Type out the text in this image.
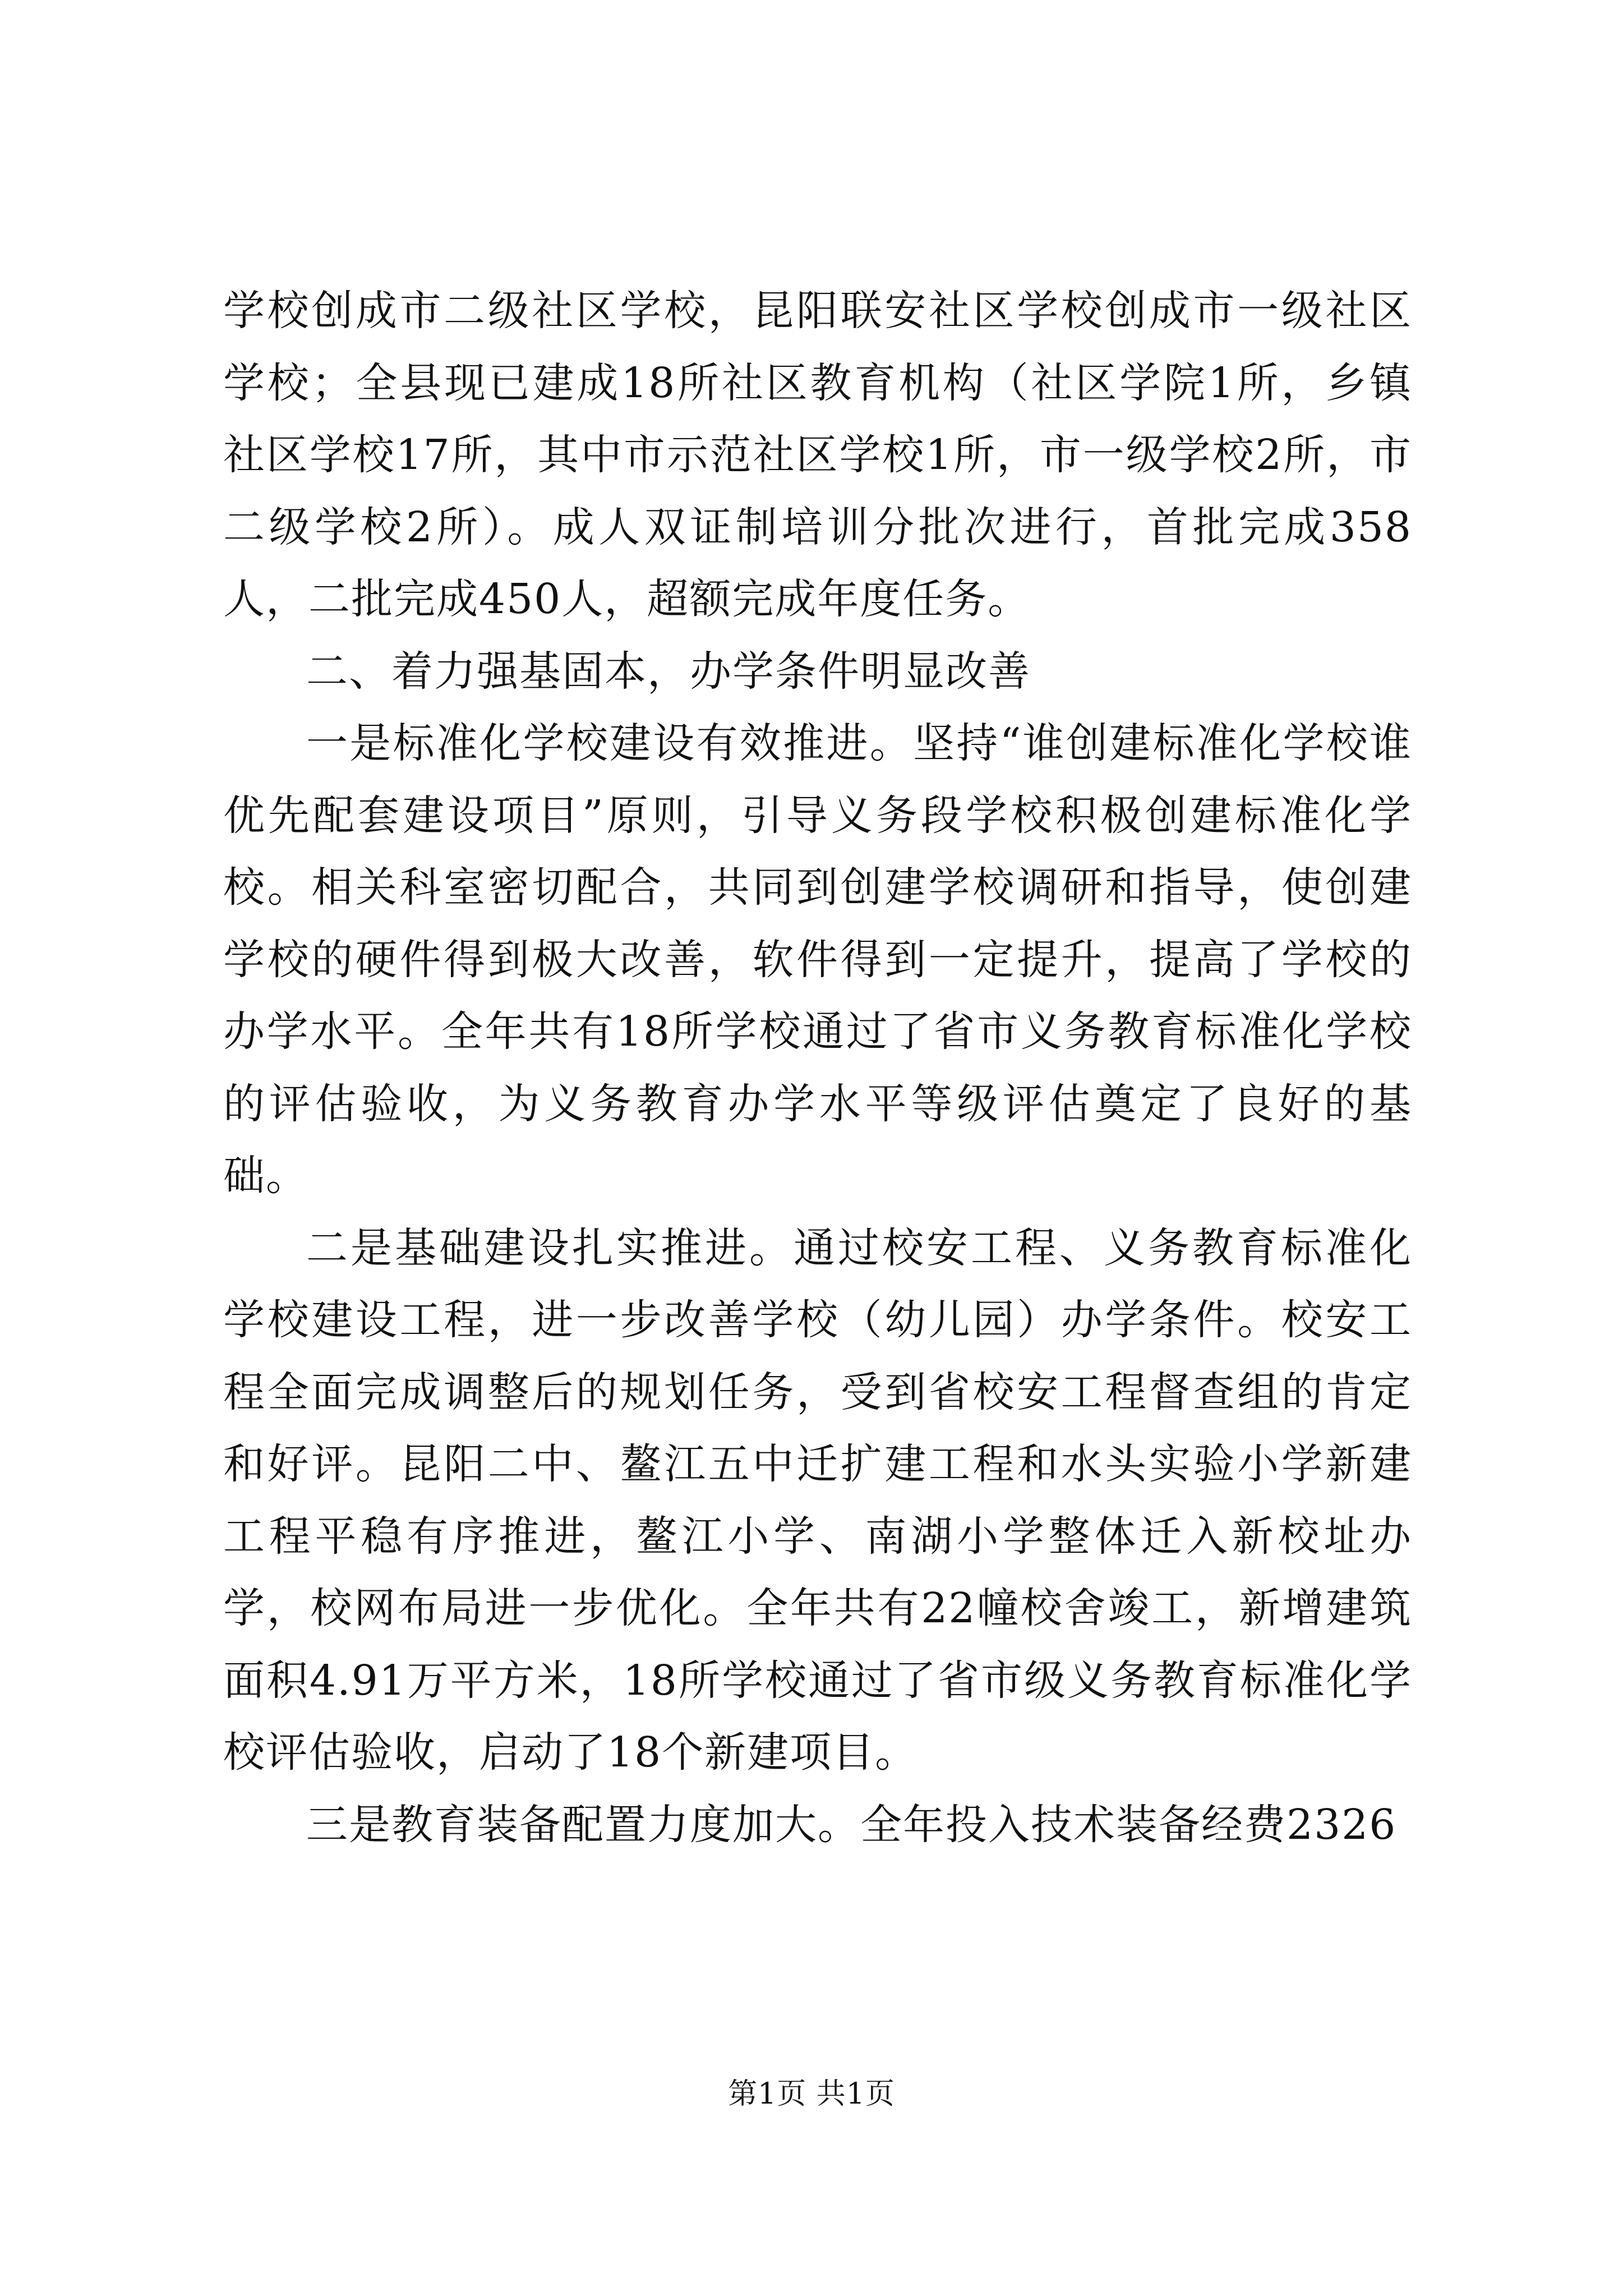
学校创成市二级社区学校，昆阳联安社区学校创成市一级社区学校；全县现已建成18所社区教育机构（社区学院1所，乡镇社区学校17所，其中市示范社区学校1所，市一级学校2所，市二级学校2所）。成人双证制培训分批次进行，首批完成358人，二批完成450人，超额完成年度任务。

二、着力强基固本，办学条件明显改善

一是标准化学校建设有效推进。坚持“谁创建标准化学校谁优先配套建设项目”原则，引导义务段学校积极创建标准化学校。相关科室密切配合，共同到创建学校调研和指导，使创建学校的硬件得到极大改善，软件得到一定提升，提高了学校的办学水平。全年共有18所学校通过了省市义务教育标准化学校的评估验收，为义务教育办学水平等级评估奠定了良好的基础。

二是基础建设扎实推进。通过校安工程、义务教育标准化学校建设工程，进一步改善学校（幼儿园）办学条件。校安工程全面完成调整后的规划任务，受到省校安工程督查组的肯定和好评。昆阳二中、鳌江五中迁扩建工程和水头实验小学新建工程平稳有序推进，鳌江小学、南湖小学整体迁入新校址办学，校网布局进一步优化。全年共有22幢校舍竣工，新增建筑面积4.91万平方米，18所学校通过了省市级义务教育标准化学校评估验收，启动了18个新建项目。

三是教育装备配置力度加大。全年投入技术装备经费2326

第1页 共1页
